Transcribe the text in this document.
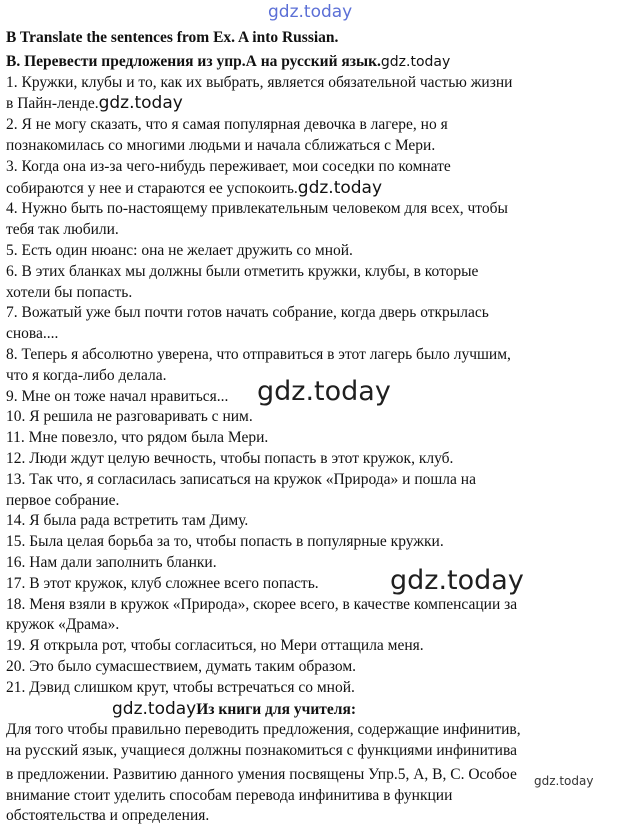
gdz.today
B Translate the sentences from Ex. A into Russian.
B. Перевести предложения из упр.А на русский язык.gdz.today
1. Кружки, клубы и то, как их выбрать, является обязательной частью жизни
в Пайн-ленде.gdz.today
2. Я не могу сказать, что я самая популярная девочка в лагере, но я
познакомилась со многими людьми и начала сближаться с Мери.
3. Когда она из-за чего-нибудь переживает, мои соседки по комнате
собираются у нее и стараются ее успокоить.gdz.today
4. Нужно быть по-настоящему привлекательным человеком для всех, чтобы
тебя так любили.
5. Есть один нюанс: она не желает дружить со мной.
6. В этих бланках мы должны были отметить кружки, клубы, в которые
хотели бы попасть.
7. Вожатый уже был почти готов начать собрание, когда дверь открылась
снова....
8. Теперь я абсолютно уверена, что отправиться в этот лагерь было лучшим,
что я когда-либо делала.
9. Мне он тоже начал нравиться...
10. Я решила не разговаривать с ним.
11. Мне повезло, что рядом была Мери.
12. Люди ждут целую вечность, чтобы попасть в этот кружок, клуб.
13. Так что, я согласилась записаться на кружок «Природа» и пошла на
первое собрание.
14. Я была рада встретить там Диму.
15. Была целая борьба за то, чтобы попасть в популярные кружки.
16. Нам дали заполнить бланки.
17. В этот кружок, клуб сложнее всего попасть.
18. Меня взяли в кружок «Природа», скорее всего, в качестве компенсации за
кружок «Драма».
19. Я открыла рот, чтобы согласиться, но Мери оттащила меня.
20. Это было сумасшествием, думать таким образом.
21. Дэвид слишком крут, чтобы встречаться со мной.
gdz.todayИз книги для учителя:
Для того чтобы правильно переводить предложения, содержащие инфинитив,
на русский язык, учащиеся должны познакомиться с функциями инфинитива
в предложении. Развитию данного умения посвящены Упр.5, А, В, С. Особое
внимание стоит уделить способам перевода инфинитива в функции
обстоятельства и определения.
gdz.today
gdz.today
gdz.today
